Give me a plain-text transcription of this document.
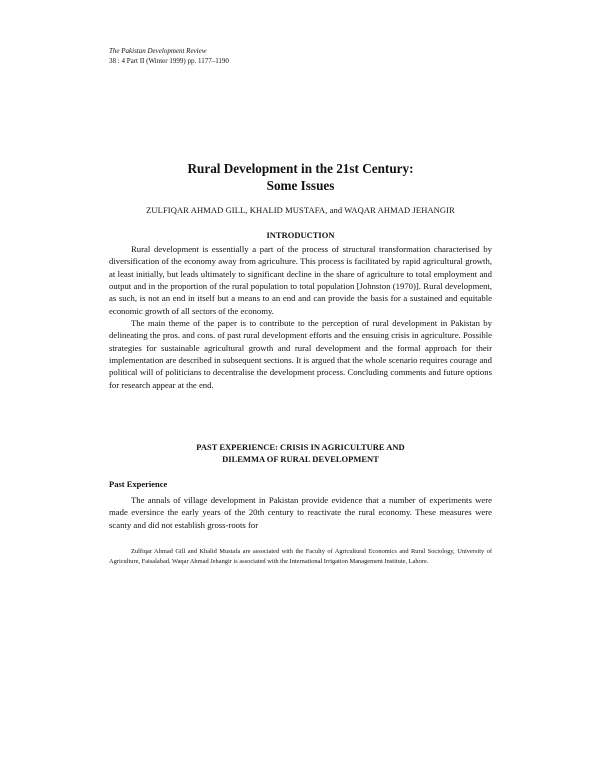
The Pakistan Development Review
38 : 4 Part II (Winter 1999) pp. 1177–1190
Rural Development in the 21st Century:
Some Issues
ZULFIQAR AHMAD GILL, KHALID MUSTAFA, and WAQAR AHMAD JEHANGIR
INTRODUCTION
Rural development is essentially a part of the process of structural transformation characterised by diversification of the economy away from agriculture. This process is facilitated by rapid agricultural growth, at least initially, but leads ultimately to significant decline in the share of agriculture to total employment and output and in the proportion of the rural population to total population [Johnston (1970)]. Rural development, as such, is not an end in itself but a means to an end and can provide the basis for a sustained and equitable economic growth of all sectors of the economy.
The main theme of the paper is to contribute to the perception of rural development in Pakistan by delineating the pros. and cons. of past rural development efforts and the ensuing crisis in agriculture. Possible strategies for sustainable agricultural growth and rural development and the formal approach for their implementation are described in subsequent sections. It is argued that the whole scenario requires courage and political will of politicians to decentralise the development process. Concluding comments and future options for research appear at the end.
PAST EXPERIENCE: CRISIS IN AGRICULTURE AND
DILEMMA OF RURAL DEVELOPMENT
Past Experience
The annals of village development in Pakistan provide evidence that a number of experiments were made eversince the early years of the 20th century to reactivate the rural economy. These measures were scanty and did not establish gross-roots for

Zulfiqar Ahmad Gill and Khalid Mustafa are associated with the Faculty of Agricultural Economics and Rural Sociology, University of Agriculture, Faisalabad. Waqar Ahmad Jehangir is associated with the International Irrigation Management Institute, Lahore.
